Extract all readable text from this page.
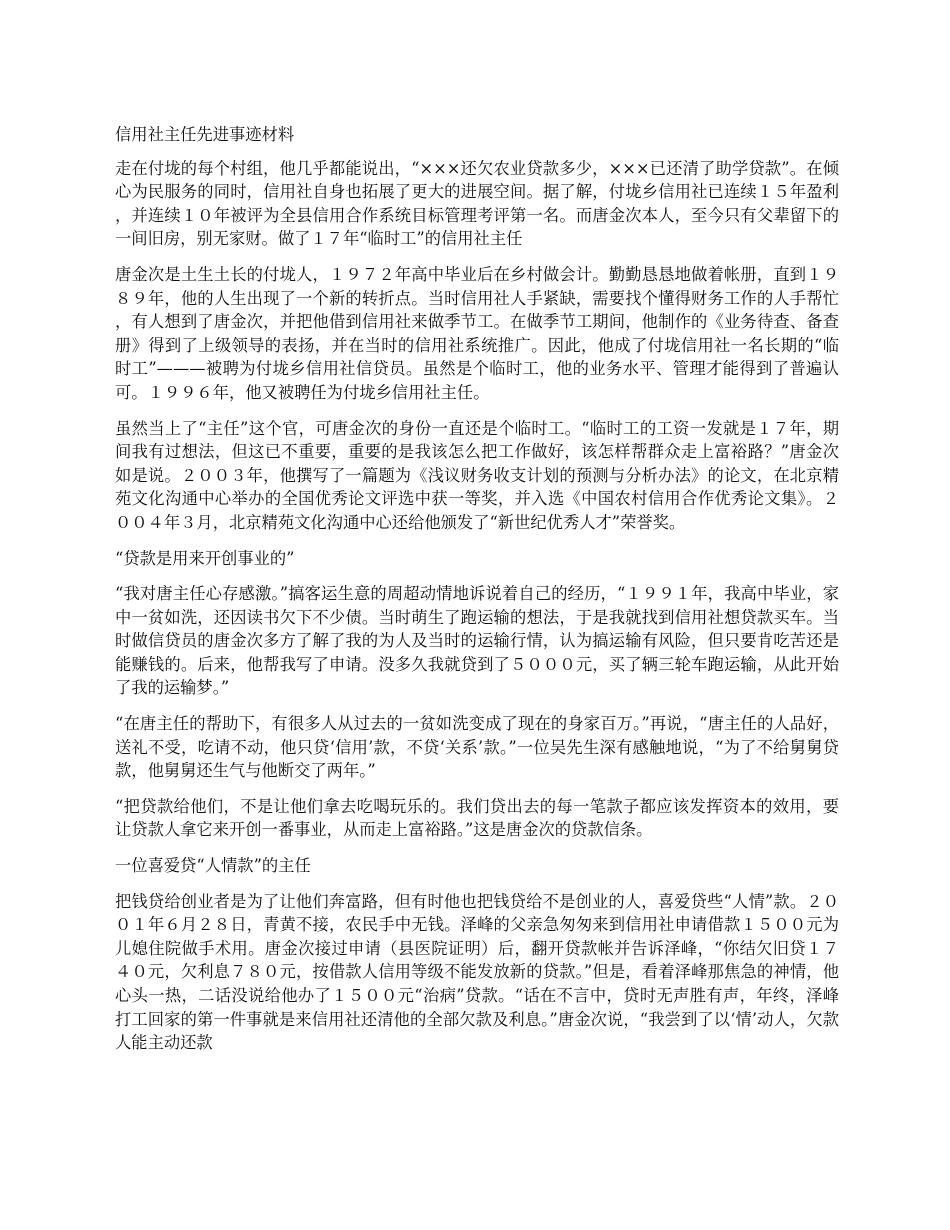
信用社主任先进事迹材料

走在付垅的每个村组，他几乎都能说出，“×××还欠农业贷款多少，×××已还清了助学贷款”。在倾心为民服务的同时，信用社自身也拓展了更大的进展空间。据了解，付垅乡信用社已连续１５年盈利，并连续１０年被评为全县信用合作系统目标管理考评第一名。而唐金次本人，至今只有父辈留下的一间旧房，别无家财。做了１７年“临时工”的信用社主任

唐金次是土生土长的付垅人，１９７２年高中毕业后在乡村做会计。勤勤恳恳地做着帐册，直到１９８９年，他的人生出现了一个新的转折点。当时信用社人手紧缺，需要找个懂得财务工作的人手帮忙，有人想到了唐金次，并把他借到信用社来做季节工。在做季节工期间，他制作的《业务待查、备查册》得到了上级领导的表扬，并在当时的信用社系统推广。因此，他成了付垅信用社一名长期的“临时工”———被聘为付垅乡信用社信贷员。虽然是个临时工，他的业务水平、管理才能得到了普遍认可。１９９６年，他又被聘任为付垅乡信用社主任。

虽然当上了“主任”这个官，可唐金次的身份一直还是个临时工。“临时工的工资一发就是１７年，期间我有过想法，但这已不重要，重要的是我该怎么把工作做好，该怎样帮群众走上富裕路？”唐金次如是说。２００３年，他撰写了一篇题为《浅议财务收支计划的预测与分析办法》的论文，在北京精苑文化沟通中心举办的全国优秀论文评选中获一等奖，并入选《中国农村信用合作优秀论文集》。２００４年３月，北京精苑文化沟通中心还给他颁发了“新世纪优秀人才”荣誉奖。

“贷款是用来开创事业的”

“我对唐主任心存感激。”搞客运生意的周超动情地诉说着自己的经历，“１９９１年，我高中毕业，家中一贫如洗，还因读书欠下不少债。当时萌生了跑运输的想法，于是我就找到信用社想贷款买车。当时做信贷员的唐金次多方了解了我的为人及当时的运输行情，认为搞运输有风险，但只要肯吃苦还是能赚钱的。后来，他帮我写了申请。没多久我就贷到了５０００元，买了辆三轮车跑运输，从此开始了我的运输梦。”

“在唐主任的帮助下，有很多人从过去的一贫如洗变成了现在的身家百万。”再说，“唐主任的人品好，送礼不受，吃请不动，他只贷‘信用’款，不贷‘关系’款。”一位吴先生深有感触地说，“为了不给舅舅贷款，他舅舅还生气与他断交了两年。”

“把贷款给他们，不是让他们拿去吃喝玩乐的。我们贷出去的每一笔款子都应该发挥资本的效用，要让贷款人拿它来开创一番事业，从而走上富裕路。”这是唐金次的贷款信条。

一位喜爱贷“人情款”的主任

把钱贷给创业者是为了让他们奔富路，但有时他也把钱贷给不是创业的人，喜爱贷些“人情”款。２００１年６月２８日，青黄不接，农民手中无钱。泽峰的父亲急匆匆来到信用社申请借款１５００元为儿媳住院做手术用。唐金次接过申请（县医院证明）后，翻开贷款帐并告诉泽峰，“你结欠旧贷１７４０元，欠利息７８０元，按借款人信用等级不能发放新的贷款。”但是，看着泽峰那焦急的神情，他心头一热，二话没说给他办了１５００元“治病”贷款。“话在不言中，贷时无声胜有声，年终，泽峰打工回家的第一件事就是来信用社还清他的全部欠款及利息。”唐金次说，“我尝到了以‘情’动人，欠款人能主动还款
